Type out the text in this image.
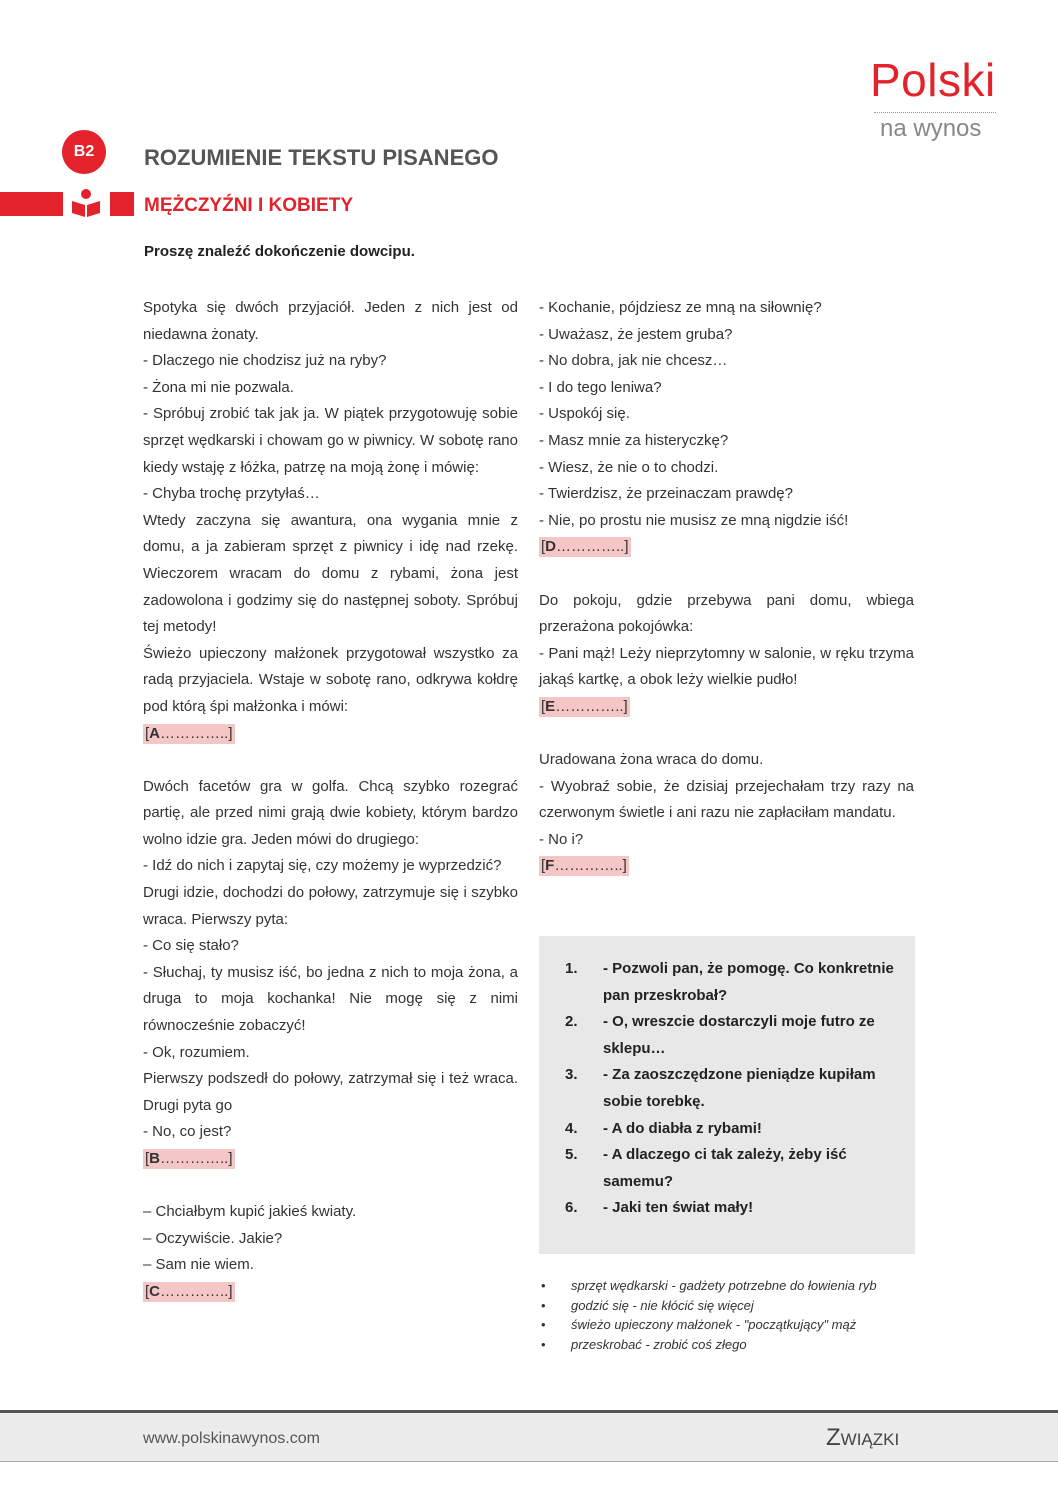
Polski
na wynos
B2	ROZUMIENIE TEKSTU PISANEGO
MĘŻCZYŹNI I KOBIETY
Proszę znaleźć dokończenie dowcipu.

Spotyka się dwóch przyjaciół. Jeden z nich jest od niedawna żonaty.

- Dlaczego nie chodzisz już na ryby?

- Żona mi nie pozwala.

- Spróbuj zrobić tak jak ja. W piątek przygotowuję sobie sprzęt wędkarski i chowam go w piwnicy. W sobotę rano kiedy wstaję z łóżka, patrzę na moją żonę i mówię:

- Chyba trochę przytyłaś…

Wtedy zaczyna się awantura, ona wygania mnie z domu, a ja zabieram sprzęt z piwnicy i idę nad rzekę. Wieczorem wracam do domu z rybami, żona jest zadowolona i godzimy się do następnej soboty. Spróbuj tej metody!

Świeżo upieczony małżonek przygotował wszystko za radą przyjaciela. Wstaje w sobotę rano, odkrywa kołdrę pod którą śpi małżonka i mówi:

[A…………..]

Dwóch facetów gra w golfa. Chcą szybko rozegrać partię, ale przed nimi grają dwie kobiety, którym bardzo wolno idzie gra. Jeden mówi do drugiego:

- Idź do nich i zapytaj się, czy możemy je wyprzedzić?

Drugi idzie, dochodzi do połowy, zatrzymuje się i szybko wraca. Pierwszy pyta:

- Co się stało?

- Słuchaj, ty musisz iść, bo jedna z nich to moja żona, a druga to moja kochanka! Nie mogę się z nimi równocześnie zobaczyć!

- Ok, rozumiem.

Pierwszy podszedł do połowy, zatrzymał się i też wraca. Drugi pyta go

- No, co jest?

[B…………..]

– Chciałbym kupić jakieś kwiaty.

– Oczywiście. Jakie?

– Sam nie wiem.

[C…………..]

- Kochanie, pójdziesz ze mną na siłownię?

- Uważasz, że jestem gruba?

- No dobra, jak nie chcesz…

- I do tego leniwa?

- Uspokój się.

- Masz mnie za histeryczkę?

- Wiesz, że nie o to chodzi.

- Twierdzisz, że przeinaczam prawdę?

- Nie, po prostu nie musisz ze mną nigdzie iść!

[D…………..]

Do pokoju, gdzie przebywa pani domu, wbiega przerażona pokojówka:

- Pani mąż! Leży nieprzytomny w salonie, w ręku trzyma jakąś kartkę, a obok leży wielkie pudło!

[E…………..]

Uradowana żona wraca do domu.

- Wyobraź sobie, że dzisiaj przejechałam trzy razy na czerwonym świetle i ani razu nie zapłaciłam mandatu.

- No i?

[F…………..]

1.	- Pozwoli pan, że pomogę. Co konkretnie pan przeskrobał?
2.	- O, wreszcie dostarczyli moje futro ze sklepu…
3.	- Za zaoszczędzone pieniądze kupiłam sobie torebkę.
4.	- A do diabła z rybami!
5.	- A dlaczego ci tak zależy, żeby iść samemu?
6.	- Jaki ten świat mały!
•	sprzęt wędkarski - gadżety potrzebne do łowienia ryb
•	godzić się - nie kłócić się więcej
•	świeżo upieczony małżonek - "początkujący" mąż
•	przeskrobać - zrobić coś złego
www.polskinawynos.com	Związki
